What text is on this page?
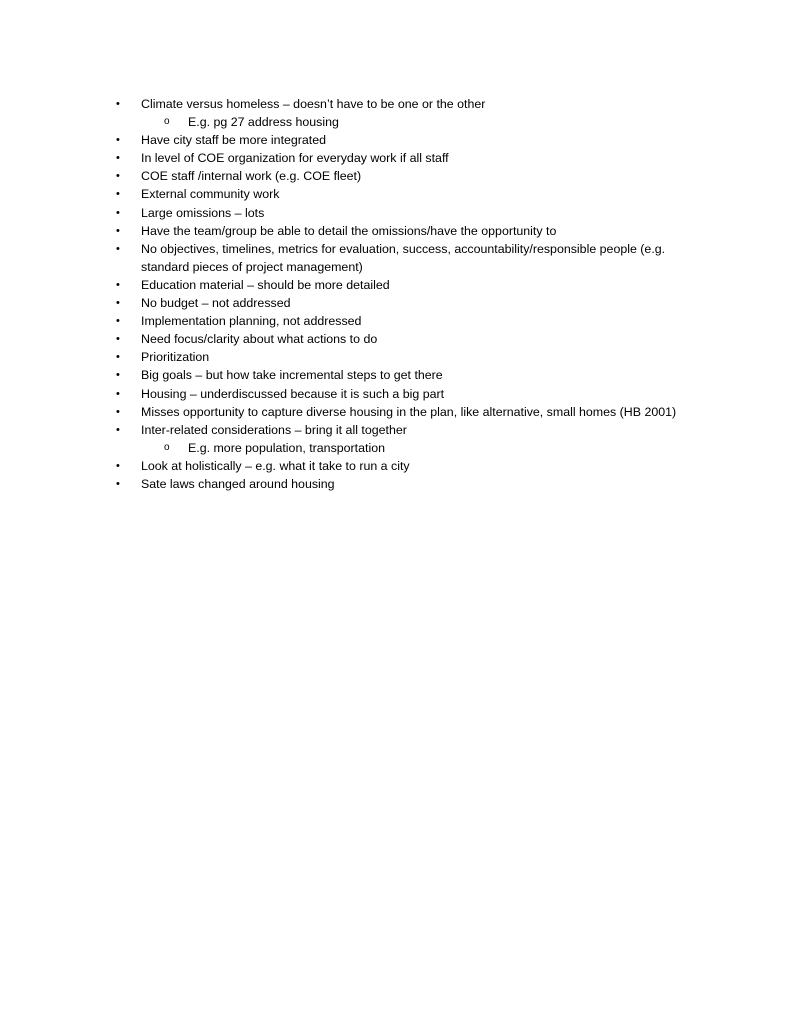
•	Climate versus homeless – doesn’t have to be one or the other
o E.g. pg 27 address housing
•	Have city staff be more integrated
•	In level of COE organization for everyday work if all staff
•	COE staff /internal work (e.g. COE fleet)
•	External community work
•	Large omissions – lots
•	Have the team/group be able to detail the omissions/have the opportunity to
•	No objectives, timelines, metrics for evaluation, success, accountability/responsible people (e.g. standard pieces of project management)
•	Education material – should be more detailed
•	No budget – not addressed
•	Implementation planning, not addressed
•	Need focus/clarity about what actions to do
•	Prioritization
•	Big goals – but how take incremental steps to get there
•	Housing – underdiscussed because it is such a big part
•	Misses opportunity to capture diverse housing in the plan, like alternative, small homes (HB 2001)
•	Inter-related considerations – bring it all together
o E.g. more population, transportation
•	Look at holistically – e.g. what it take to run a city
•	Sate laws changed around housing
